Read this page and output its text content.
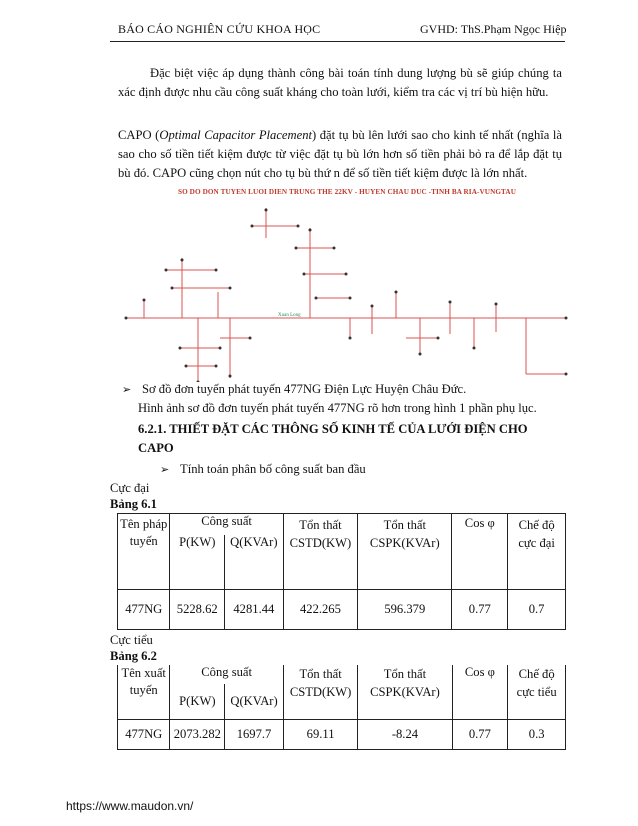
BÁO CÁO NGHIÊN CỨU KHOA HỌC	GVHD: ThS.Phạm Ngọc Hiệp
Đặc biệt việc áp dụng thành công bài toán tính dung lượng bù sẽ giúp chúng ta xác định được nhu cầu công suất kháng cho toàn lưới, kiểm tra các vị trí bù hiện hữu.
CAPO (Optimal Capacitor Placement) đặt tụ bù lên lưới sao cho kinh tế nhất (nghĩa là sao cho số tiền tiết kiệm được từ việc đặt tụ bù lớn hơn số tiền phải bỏ ra để lắp đặt tụ bù đó. CAPO cũng chọn nút cho tụ bù thứ n để số tiền tiết kiệm được là lớn nhất.
Xuan Long
SO DO DON TUYEN LUOI DIEN TRUNG THE 22KV - HUYEN CHAU DUC -TINH BA RIA-VUNGTAU
➢ Sơ đồ đơn tuyến phát tuyến 477NG Điện Lực Huyện Châu Đức.
Hình ảnh sơ đồ đơn tuyến phát tuyến 477NG rõ hơn trong hình 1 phần phụ lục.
6.2.1. THIẾT ĐẶT CÁC THÔNG SỐ KINH TẾ CỦA LƯỚI ĐIỆN CHO CAPO
➢ Tính toán phân bố công suất ban đầu
Cực đại
Bảng 6.1
Tên pháp tuyến	Công suất		Tổn thất CSTD(KW)	Tổn thất CSPK(KVAr)	Cos φ	Chế độ cực đại
	P(KW)	Q(KVAr)				
477NG	5228.62	4281.44	422.265	596.379	0.77	0.7
Cực tiểu
Bảng 6.2
Tên xuất tuyến	Công suất		Tổn thất CSTD(KW)	Tổn thất CSPK(KVAr)	Cos φ	Chế độ cực tiểu
	P(KW)	Q(KVAr)				
477NG	2073.282	1697.7	69.11	-8.24	0.77	0.3
https://www.maudon.vn/
